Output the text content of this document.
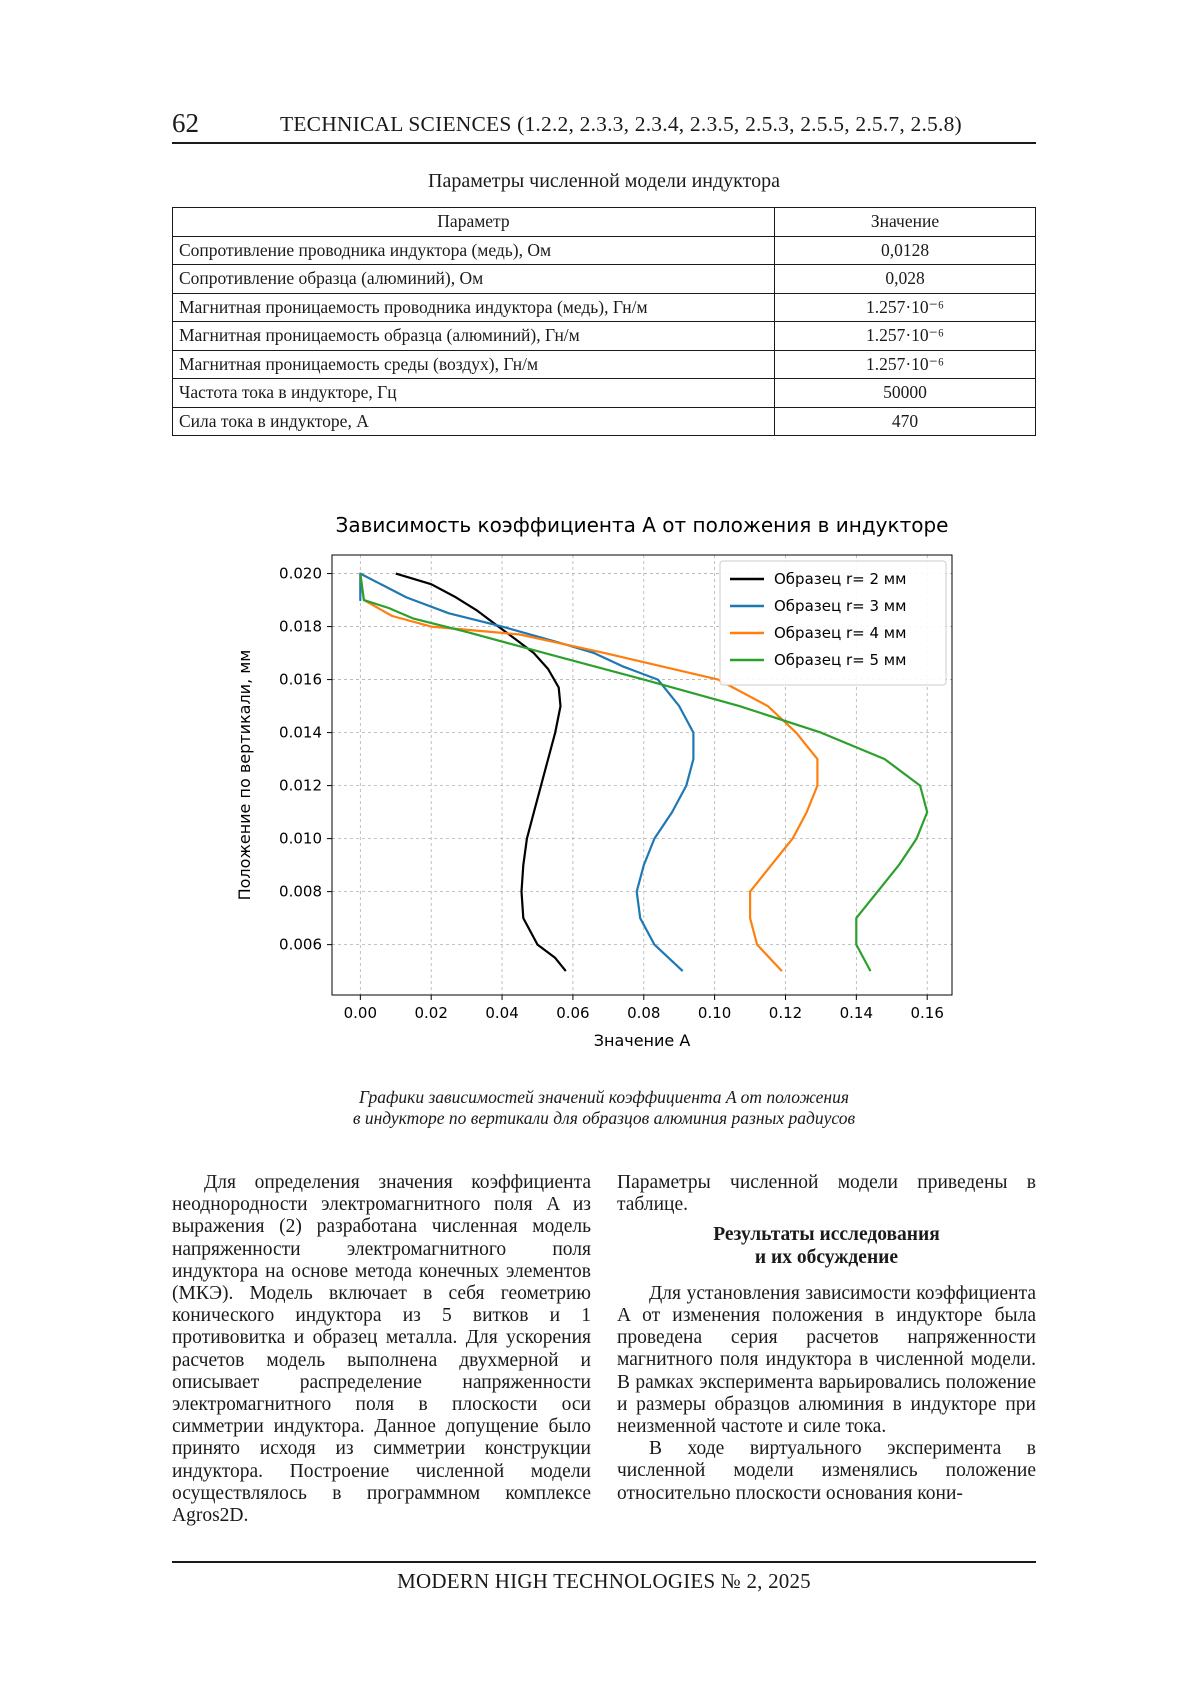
62	TECHNICAL SCIENCES (1.2.2, 2.3.3, 2.3.4, 2.3.5, 2.5.3, 2.5.5, 2.5.7, 2.5.8)
Параметры численной модели индуктора
Параметр	Значение
Сопротивление проводника индуктора (медь), Ом	0,0128
Сопротивление образца (алюминий), Ом	0,028
Магнитная проницаемость проводника индуктора (медь), Гн/м	1.257·10⁻⁶
Магнитная проницаемость образца (алюминий), Гн/м	1.257·10⁻⁶
Магнитная проницаемость среды (воздух), Гн/м	1.257·10⁻⁶
Частота тока в индукторе, Гц	50000
Сила тока в индукторе, А	470
Зависимость коэффициента A от положения в индукторе
0.00 0.02 0.04 0.06 0.08 0.10 0.12 0.14 0.16
0.006
0.008
0.010
0.012
0.014
0.016
0.018
0.020
Значение A
Положение по вертикали, мм
Образец r= 2 мм
Образец r= 3 мм
Образец r= 4 мм
Образец r= 5 мм
Графики зависимостей значений коэффициента A от положения
в индукторе по вертикали для образцов алюминия разных радиусов

Для определения значения коэффициента неоднородности электромагнитного поля A из выражения (2) разработана численная модель напряженности электромагнитного поля индуктора на основе метода конечных элементов (МКЭ). Модель включает в себя геометрию конического индуктора из 5 витков и 1 противовитка и образец металла. Для ускорения расчетов модель выполнена двухмерной и описывает распределение напряженности электромагнитного поля в плоскости оси симметрии индуктора. Данное допущение было принято исходя из симметрии конструкции индуктора. Построение численной модели осуществлялось в программном комплексе Agros2D.

Параметры численной модели приведены в таблице.

Результаты исследования
и их обсуждение

Для установления зависимости коэффициента A от изменения положения в индукторе была проведена серия расчетов напряженности магнитного поля индуктора в численной модели. В рамках эксперимента варьировались положение и размеры образцов алюминия в индукторе при неизменной частоте и силе тока.

В ходе виртуального эксперимента в численной модели изменялись положение относительно плоскости основания кони-

MODERN HIGH TECHNOLOGIES № 2, 2025
